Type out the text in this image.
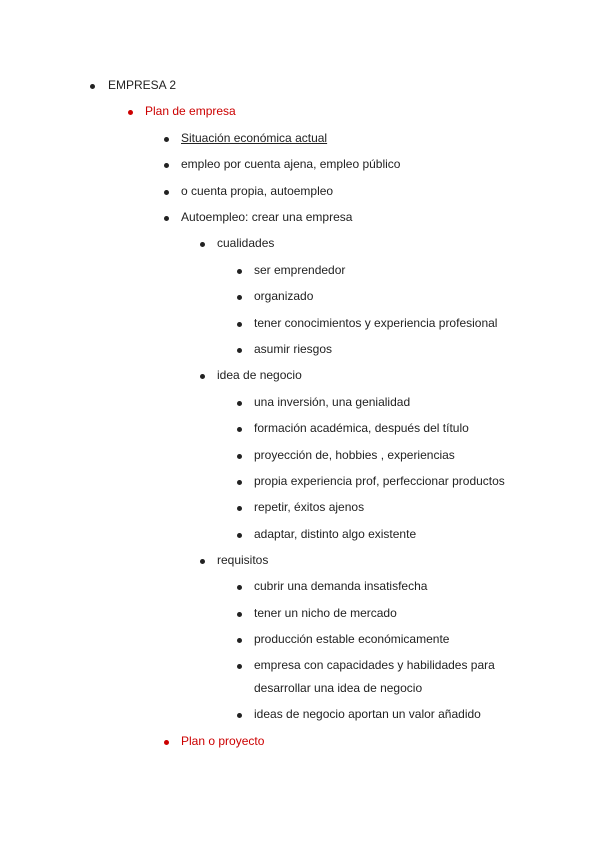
EMPRESA 2
Plan de empresa
Situación económica actual
empleo por cuenta ajena, empleo público
o cuenta propia, autoempleo
Autoempleo: crear una empresa
cualidades
ser emprendedor
organizado
tener conocimientos y experiencia profesional
asumir riesgos
idea de negocio
una inversión, una genialidad
formación académica, después del título
proyección de, hobbies , experiencias
propia experiencia prof, perfeccionar productos
repetir, éxitos ajenos
adaptar, distinto algo existente
requisitos
cubrir una demanda insatisfecha
tener un nicho de mercado
producción estable económicamente
empresa con capacidades y habilidades para
desarrollar una idea de negocio
ideas de negocio aportan un valor añadido
Plan o proyecto
